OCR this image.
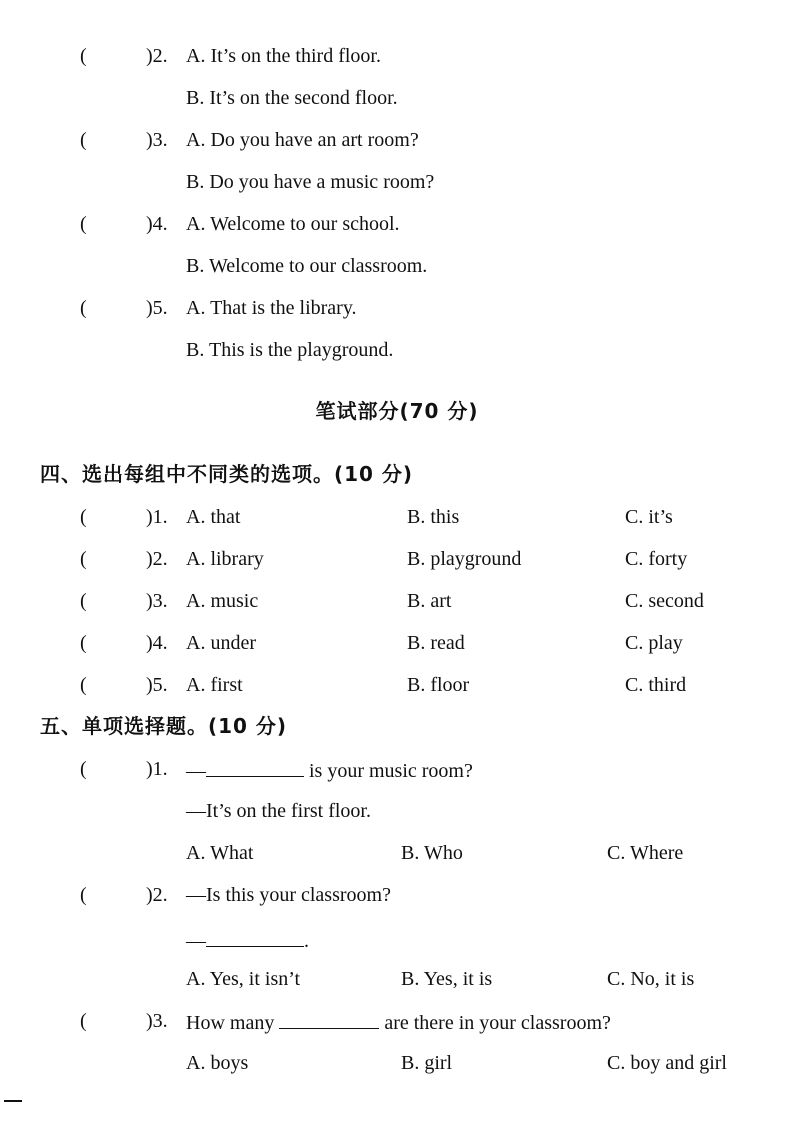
(	)2. A. It’s on the third floor.
B. It’s on the second floor.
(	)3. A. Do you have an art room?
B. Do you have a music room?
(	)4. A. Welcome to our school.
B. Welcome to our classroom.
(	)5. A. That is the library.
B. This is the playground.
笔试部分(70 分)
四、选出每组中不同类的选项。(10 分)
(	)1. A. that	B. this	C. it’s
(	)2. A. library	B. playground	C. forty
(	)3. A. music	B. art	C. second
(	)4. A. under	B. read	C. play
(	)5. A. first	B. floor	C. third
五、单项选择题。(10 分)
(	)1. —	is your music room?
—It’s on the first floor.
A. What	B. Who	C. Where
(	)2. —Is this your classroom?
—	.
A. Yes, it isn’t	B. Yes, it is	C. No, it is
(	)3. How many	are there in your classroom?
A. boys	B. girl	C. boy and girl
